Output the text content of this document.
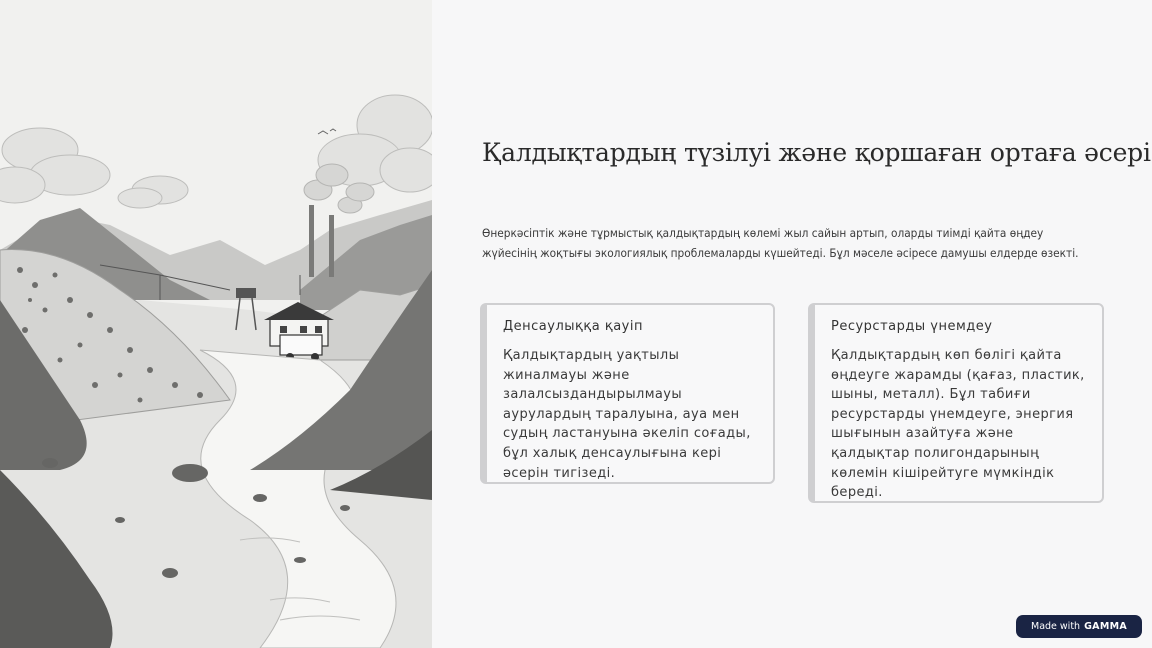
Қалдықтардың түзілуі және қоршаған ортаға әсері

Өнеркәсіптік және тұрмыстық қалдықтардың көлемі жыл сайын артып, оларды тиімді қайта өңдеу жүйесінің жоқтығы экологиялық проблемаларды күшейтеді. Бұл мәселе әсіресе дамушы елдерде өзекті.

Денсаулыққа қауіп
Қалдықтардың уақтылы жиналмауы және залалсыздандырылмауы аурулардың таралуына, ауа мен судың ластануына әкеліп соғады, бұл халық денсаулығына кері әсерін тигізеді.
Ресурстарды үнемдеу
Қалдықтардың көп бөлігі қайта өңдеуге жарамды (қағаз, пластик, шыны, металл). Бұл табиғи ресурстарды үнемдеуге, энергия шығынын азайтуға және қалдықтар полигондарының көлемін кішірейтуге мүмкіндік береді.
Made with GAMMA
